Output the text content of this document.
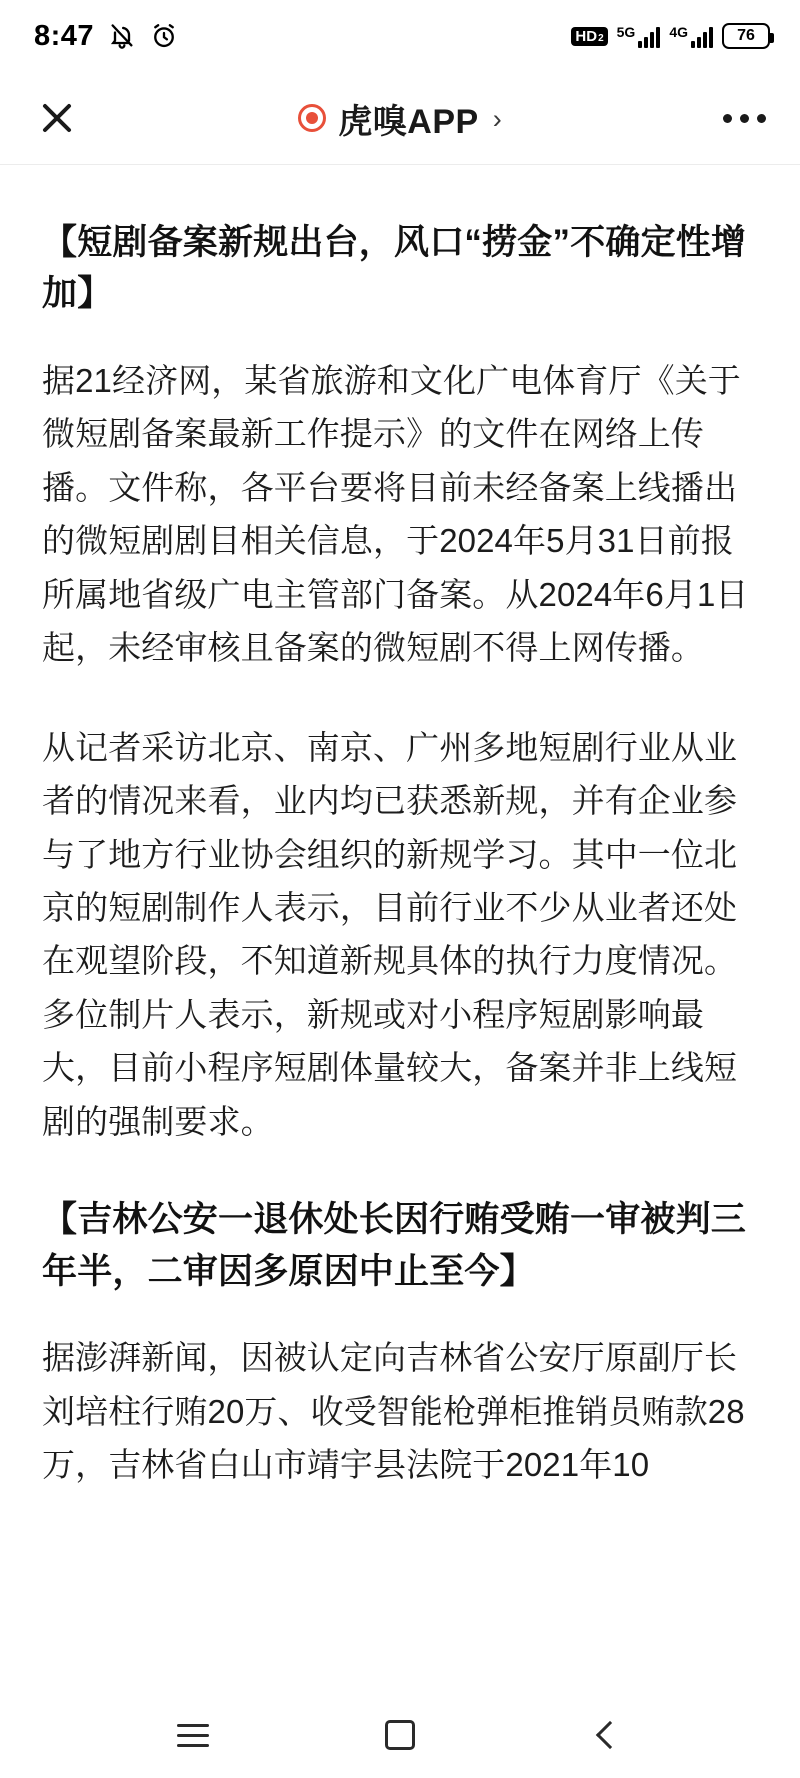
8:47	HD 2 5G 4G	76
虎嗅APP ›
【短剧备案新规出台，风口“捞金”不确定性增加】

据21经济网，某省旅游和文化广电体育厅《关于微短剧备案最新工作提示》的文件在网络上传播。文件称，各平台要将目前未经备案上线播出的微短剧剧目相关信息，于2024年5月31日前报所属地省级广电主管部门备案。从2024年6月1日起，未经审核且备案的微短剧不得上网传播。

从记者采访北京、南京、广州多地短剧行业从业者的情况来看，业内均已获悉新规，并有企业参与了地方行业协会组织的新规学习。其中一位北京的短剧制作人表示，目前行业不少从业者还处在观望阶段，不知道新规具体的执行力度情况。多位制片人表示，新规或对小程序短剧影响最大，目前小程序短剧体量较大，备案并非上线短剧的强制要求。

【吉林公安一退休处长因行贿受贿一审被判三年半，二审因多原因中止至今】

据澎湃新闻，因被认定向吉林省公安厅原副厅长刘培柱行贿20万、收受智能枪弹柜推销员贿款28万，吉林省白山市靖宇县法院于2021年10
